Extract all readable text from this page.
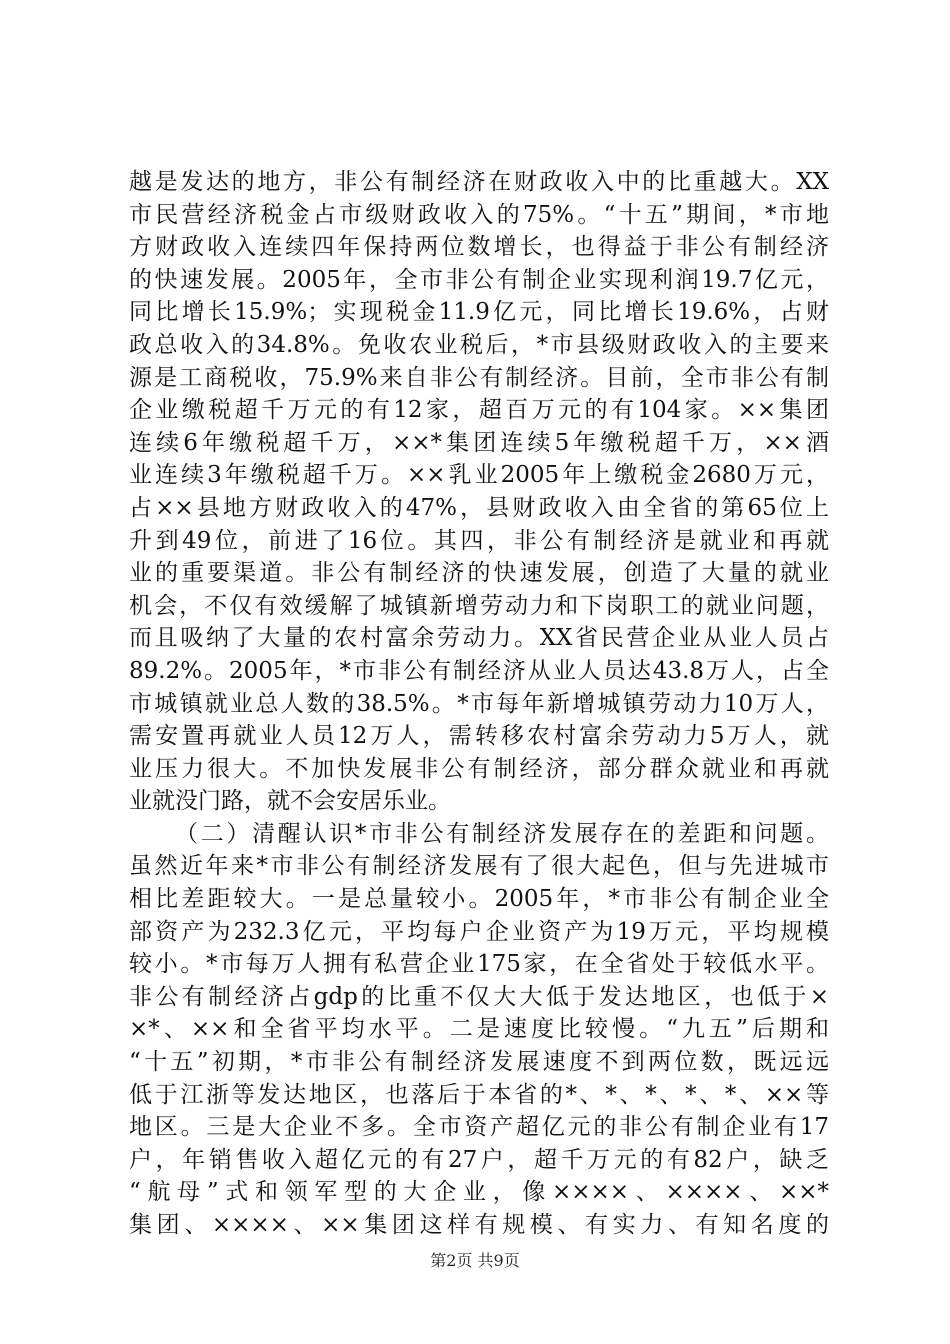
越是发达的地方，非公有制经济在财政收入中的比重越大。XX
市民营经济税金占市级财政收入的75%。“十五”期间，*市地
方财政收入连续四年保持两位数增长，也得益于非公有制经济
的快速发展。2005年，全市非公有制企业实现利润19.7亿元，
同比增长15.9%；实现税金11.9亿元，同比增长19.6%，占财
政总收入的34.8%。免收农业税后，*市县级财政收入的主要来
源是工商税收，75.9%来自非公有制经济。目前，全市非公有制
企业缴税超千万元的有12家，超百万元的有104家。××集团
连续6年缴税超千万，××*集团连续5年缴税超千万，××酒
业连续3年缴税超千万。××乳业2005年上缴税金2680万元，
占××县地方财政收入的47%，县财政收入由全省的第65位上
升到49位，前进了16位。其四，非公有制经济是就业和再就
业的重要渠道。非公有制经济的快速发展，创造了大量的就业
机会，不仅有效缓解了城镇新增劳动力和下岗职工的就业问题，
而且吸纳了大量的农村富余劳动力。XX省民营企业从业人员占
89.2%。2005年，*市非公有制经济从业人员达43.8万人，占全
市城镇就业总人数的38.5%。*市每年新增城镇劳动力10万人，
需安置再就业人员12万人，需转移农村富余劳动力5万人，就
业压力很大。不加快发展非公有制经济，部分群众就业和再就
业就没门路，就不会安居乐业。
（二）清醒认识*市非公有制经济发展存在的差距和问题。
虽然近年来*市非公有制经济发展有了很大起色，但与先进城市
相比差距较大。一是总量较小。2005年，*市非公有制企业全
部资产为232.3亿元，平均每户企业资产为19万元，平均规模
较小。*市每万人拥有私营企业175家，在全省处于较低水平。
非公有制经济占gdp的比重不仅大大低于发达地区，也低于×
×*、××和全省平均水平。二是速度比较慢。“九五”后期和
“十五”初期，*市非公有制经济发展速度不到两位数，既远远
低于江浙等发达地区，也落后于本省的*、*、*、*、*、××等
地区。三是大企业不多。全市资产超亿元的非公有制企业有17
户，年销售收入超亿元的有27户，超千万元的有82户，缺乏
“航母”式和领军型的大企业，像××××、××××、××*
集团、××××、××集团这样有规模、有实力、有知名度的
第2页 共9页
